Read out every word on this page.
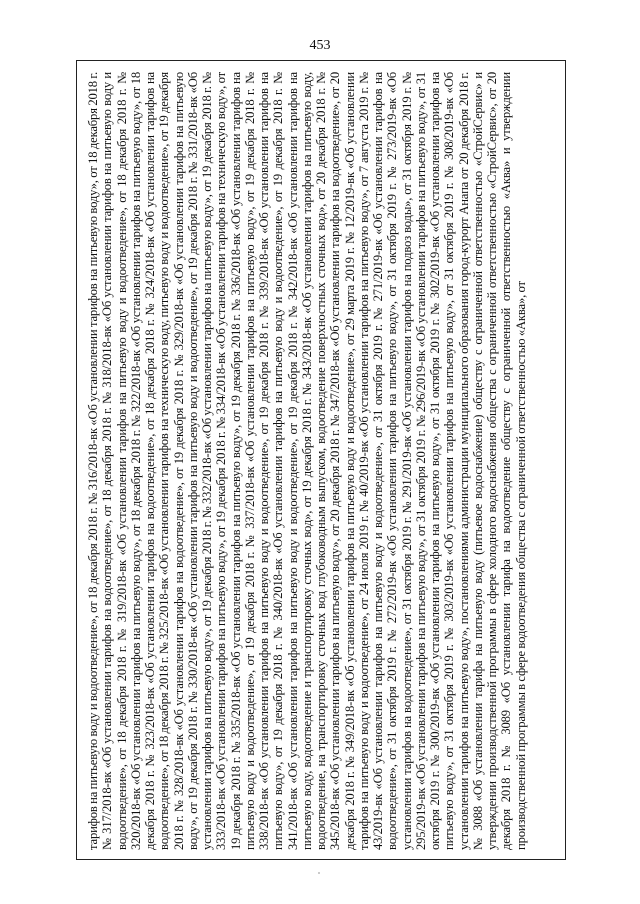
453

тарифов на питьевую воду и водоотведение», от 18 декабря 2018 г. № 316/2018-вк «Об установлении тарифов на питьевую воду», от 18 декабря 2018 г. № 317/2018-вк «Об установлении тарифов на водоотведение», от 18 декабря 2018 г. № 318/2018-вк «Об установлении тарифов на питьевую воду и водоотведение», от 18 декабря 2018 г. № 319/2018-вк «Об установлении тарифов на питьевую воду и водоотведение», от 18 декабря 2018 г. № 320/2018-вк «Об установлении тарифов на питьевую воду», от 18 декабря 2018 г. № 322/2018-вк «Об установлении тарифов на питьевую воду», от 18 декабря 2018 г. № 323/2018-вк «Об установлении тарифов на водоотведение», от 18 декабря 2018 г. № 324/2018-вк «Об установлении тарифов на водоотведение», от 18 декабря 2018 г. № 325/2018-вк «Об установлении тарифов на техническую воду, питьевую воду и водоотведение», от 19 декабря 2018 г. № 328/2018-вк «Об установлении тарифов на водоотведение», от 19 декабря 2018 г. № 329/2018-вк «Об установлении тарифов на питьевую воду», от 19 декабря 2018 г. № 330/2018-вк «Об установлении тарифов на питьевую воду и водоотведение», от 19 декабря 2018 г. № 331/2018-вк «Об установлении тарифов на питьевую воду», от 19 декабря 2018 г. № 332/2018-вк «Об установлении тарифов на питьевую воду», от 19 декабря 2018 г. № 333/2018-вк «Об установлении тарифов на питьевую воду», от 19 декабря 2018 г. № 334/2018-вк «Об установлении тарифов на техническую воду», от 19 декабря 2018 г. № 335/2018-вк «Об установлении тарифов на питьевую воду», от 19 декабря 2018 г. № 336/2018-вк «Об установлении тарифов на питьевую воду и водоотведение», от 19 декабря 2018 г. № 337/2018-вк «Об установлении тарифов на питьевую воду», от 19 декабря 2018 г. № 338/2018-вк «Об установлении тарифов на питьевую воду и водоотведение», от 19 декабря 2018 г. № 339/2018-вк «Об установлении тарифов на питьевую воду», от 19 декабря 2018 г. № 340/2018-вк «Об установлении тарифов на питьевую воду и водоотведение», от 19 декабря 2018 г. № 341/2018-вк «Об установлении тарифов на питьевую воду и водоотведение», от 19 декабря 2018 г. № 342/2018-вк «Об установлении тарифов на питьевую воду, водоотведение и транспортировку сточных вод», от 19 декабря 2018 г. № 343/2018-вк «Об установлении тарифов на питьевую воду, водоотведение, на транспортировку сточных вод глубоководным выпуском, водоотведение поверхностных сточных вод», от 20 декабря 2018 г. № 345/2018-вк «Об установлении тарифов на питьевую воду», от 20 декабря 2018 г. № 347/2018-вк «Об установлении тарифов на водоотведение», от 20 декабря 2018 г. № 349/2018-вк «Об установлении тарифов на питьевую воду и водоотведение», от 29 марта 2019 г. № 12/2019-вк «Об установлении тарифов на питьевую воду и водоотведение», от 24 июля 2019 г. № 40/2019-вк «Об установлении тарифов на питьевую воду», от 7 августа 2019 г. № 43/2019-вк «Об установлении тарифов на питьевую воду и водоотведение», от 31 октября 2019 г. № 271/2019-вк «Об установлении тарифов на водоотведение», от 31 октября 2019 г. № 272/2019-вк «Об установлении тарифов на питьевую воду», от 31 октября 2019 г. № 273/2019-вк «Об установлении тарифов на водоотведение», от 31 октября 2019 г. № 291/2019-вк «Об установлении тарифов на подвоз воды», от 31 октября 2019 г. № 295/2019-вк «Об установлении тарифов на питьевую воду», от 31 октября 2019 г. № 296/2019-вк «Об установлении тарифов на питьевую воду», от 31 октября 2019 г. № 300/2019-вк «Об установлении тарифов на питьевую воду», от 31 октября 2019 г. № 302/2019-вк «Об установлении тарифов на питьевую воду», от 31 октября 2019 г. № 303/2019-вк «Об установлении тарифов на питьевую воду», от 31 октября 2019 г. № 308/2019-вк «Об установлении тарифов на питьевую воду», постановлениями администрации муниципального образования город-курорт Анапа от 20 декабря 2018 г. № 3088 «Об установлении тарифа на питьевую воду (питьевое водоснабжение) обществу с ограниченной ответственностью «СтройСервис» и утверждении производственной программы в сфере холодного водоснабжения общества с ограниченной ответственностью «СтройСервис», от 20 декабря 2018 г. № 3089 «Об установлении тарифа на водоотведение обществу с ограниченной ответственностью «Аква» и утверждении производственной программы в сфере водоотведения общества с ограниченной ответственностью «Аква», от
